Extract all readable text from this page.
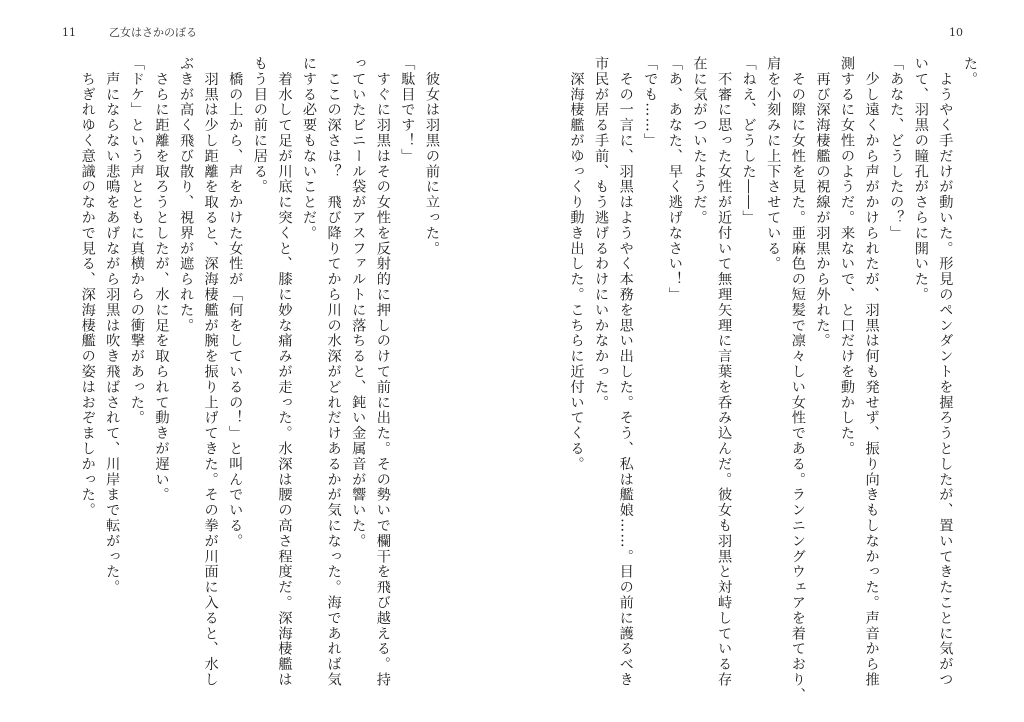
11	乙女はさかのぼる
　彼女は羽黒の前に立った。
「駄目です！」
　すぐに羽黒はその女性を反射的に押しのけて前に出た。その勢いで欄干を飛び越える。持
っていたビニール袋がアスファルトに落ちると、鈍い金属音が響いた。
　ここの深さは？　飛び降りてから川の水深がどれだけあるかが気になった。海であれば気
にする必要もないことだ。
　着水して足が川底に突くと、膝に妙な痛みが走った。水深は腰の高さ程度だ。深海棲艦は
もう目の前に居る。
　橋の上から、声をかけた女性が「何をしているの！」と叫んでいる。
　羽黒は少し距離を取ると、深海棲艦が腕を振り上げてきた。その拳が川面に入ると、水し
ぶきが高く飛び散り、視界が遮られた。
　さらに距離を取ろうとしたが、水に足を取られて動きが遅い。
「ドケ」という声とともに真横からの衝撃があった。
　声にならない悲鳴をあげながら羽黒は吹き飛ばされて、川岸まで転がった。
　ちぎれゆく意識のなかで見る、深海棲艦の姿はおぞましかった。
10
た。
　ようやく手だけが動いた。形見のペンダントを握ろうとしたが、置いてきたことに気がつ
いて、羽黒の瞳孔がさらに開いた。
「あなた、どうしたの？」
　少し遠くから声がかけられたが、羽黒は何も発せず、振り向きもしなかった。声音から推
測するに女性のようだ。来ないで、と口だけを動かした。
　再び深海棲艦の視線が羽黒から外れた。
　その隙に女性を見た。亜麻色の短髪で凛々しい女性である。ランニングウェアを着ており、
肩を小刻みに上下させている。
「ねえ、どうした――」
　不審に思った女性が近付いて無理矢理に言葉を呑み込んだ。彼女も羽黒と対峙している存
在に気がついたようだ。
「あ、あなた、早く逃げなさい！」
「でも……」
　その一言に、羽黒はようやく本務を思い出した。そう、私は艦娘……。目の前に護るべき
市民が居る手前、もう逃げるわけにいかなかった。
　深海棲艦がゆっくり動き出した。こちらに近付いてくる。
